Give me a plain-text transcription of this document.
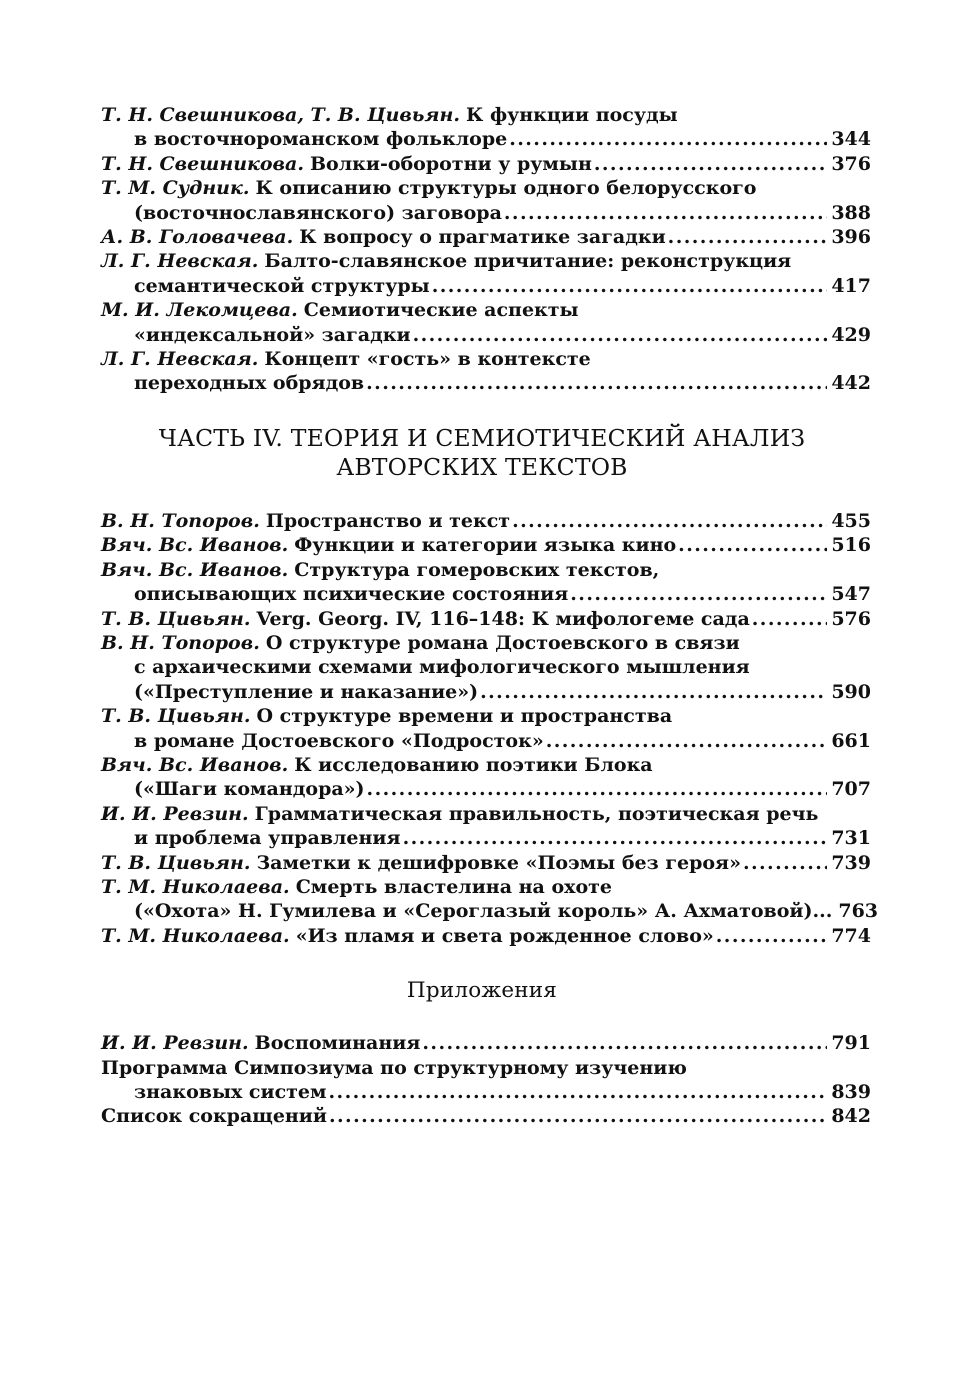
Т. Н. Свешникова, Т. В. Цивьян.
К функции посуды
в восточнороманском фольклоре . . .	344
Т. Н. Свешникова.
Волки-оборотни у румын . . .	376
Т. М. Судник.
К описанию структуры одного белорусского
(восточнославянского) заговора . . .	388
А. В. Головачева.
К вопросу о прагматике загадки . . .	396
Л. Г. Невская.
Балто-славянское причитание: реконструкция
семантической структуры . . .	417
М. И. Лекомцева.
Семиотические аспекты
«индексальной» загадки . . .	429
Л. Г. Невская.
Концепт «гость» в контексте
переходных обрядов . . .	442
ЧАСТЬ IV. ТЕОРИЯ И СЕМИОТИЧЕСКИЙ АНАЛИЗ
АВТОРСКИХ ТЕКСТОВ
В. Н. Топоров.
Пространство и текст . . .	455
Вяч. Вс. Иванов.
Функции и категории языка кино . . .	516
Вяч. Вс. Иванов.
Структура гомеровских текстов,
описывающих психические состояния . . .	547
Т. В. Цивьян.
Verg. Georg. IV, 116–148: К мифологеме сада . . .	576
В. Н. Топоров.
О структуре романа Достоевского в связи
с архаическими схемами мифологического мышления
(«Преступление и наказание») . . .	590
Т. В. Цивьян.
О структуре времени и пространства
в романе Достоевского «Подросток» . . .	661
Вяч. Вс. Иванов.
К исследованию поэтики Блока
(«Шаги командора») . . .	707
И. И. Ревзин.
Грамматическая правильность, поэтическая речь
и проблема управления . . .	731
Т. В. Цивьян.
Заметки к дешифровке «Поэмы без героя» . . .	739
Т. М. Николаева.
Смерть властелина на охоте
(«Охота» Н. Гумилева и «Сероглазый король» А. Ахматовой)... 763
Т. М. Николаева.
«Из пламя и света рожденное слово» . . .	774
Приложения
И. И. Ревзин.
Воспоминания . . .	791
Программа Симпозиума по структурному изучению
знаковых систем . . .	839
Список сокращений . . .	842
